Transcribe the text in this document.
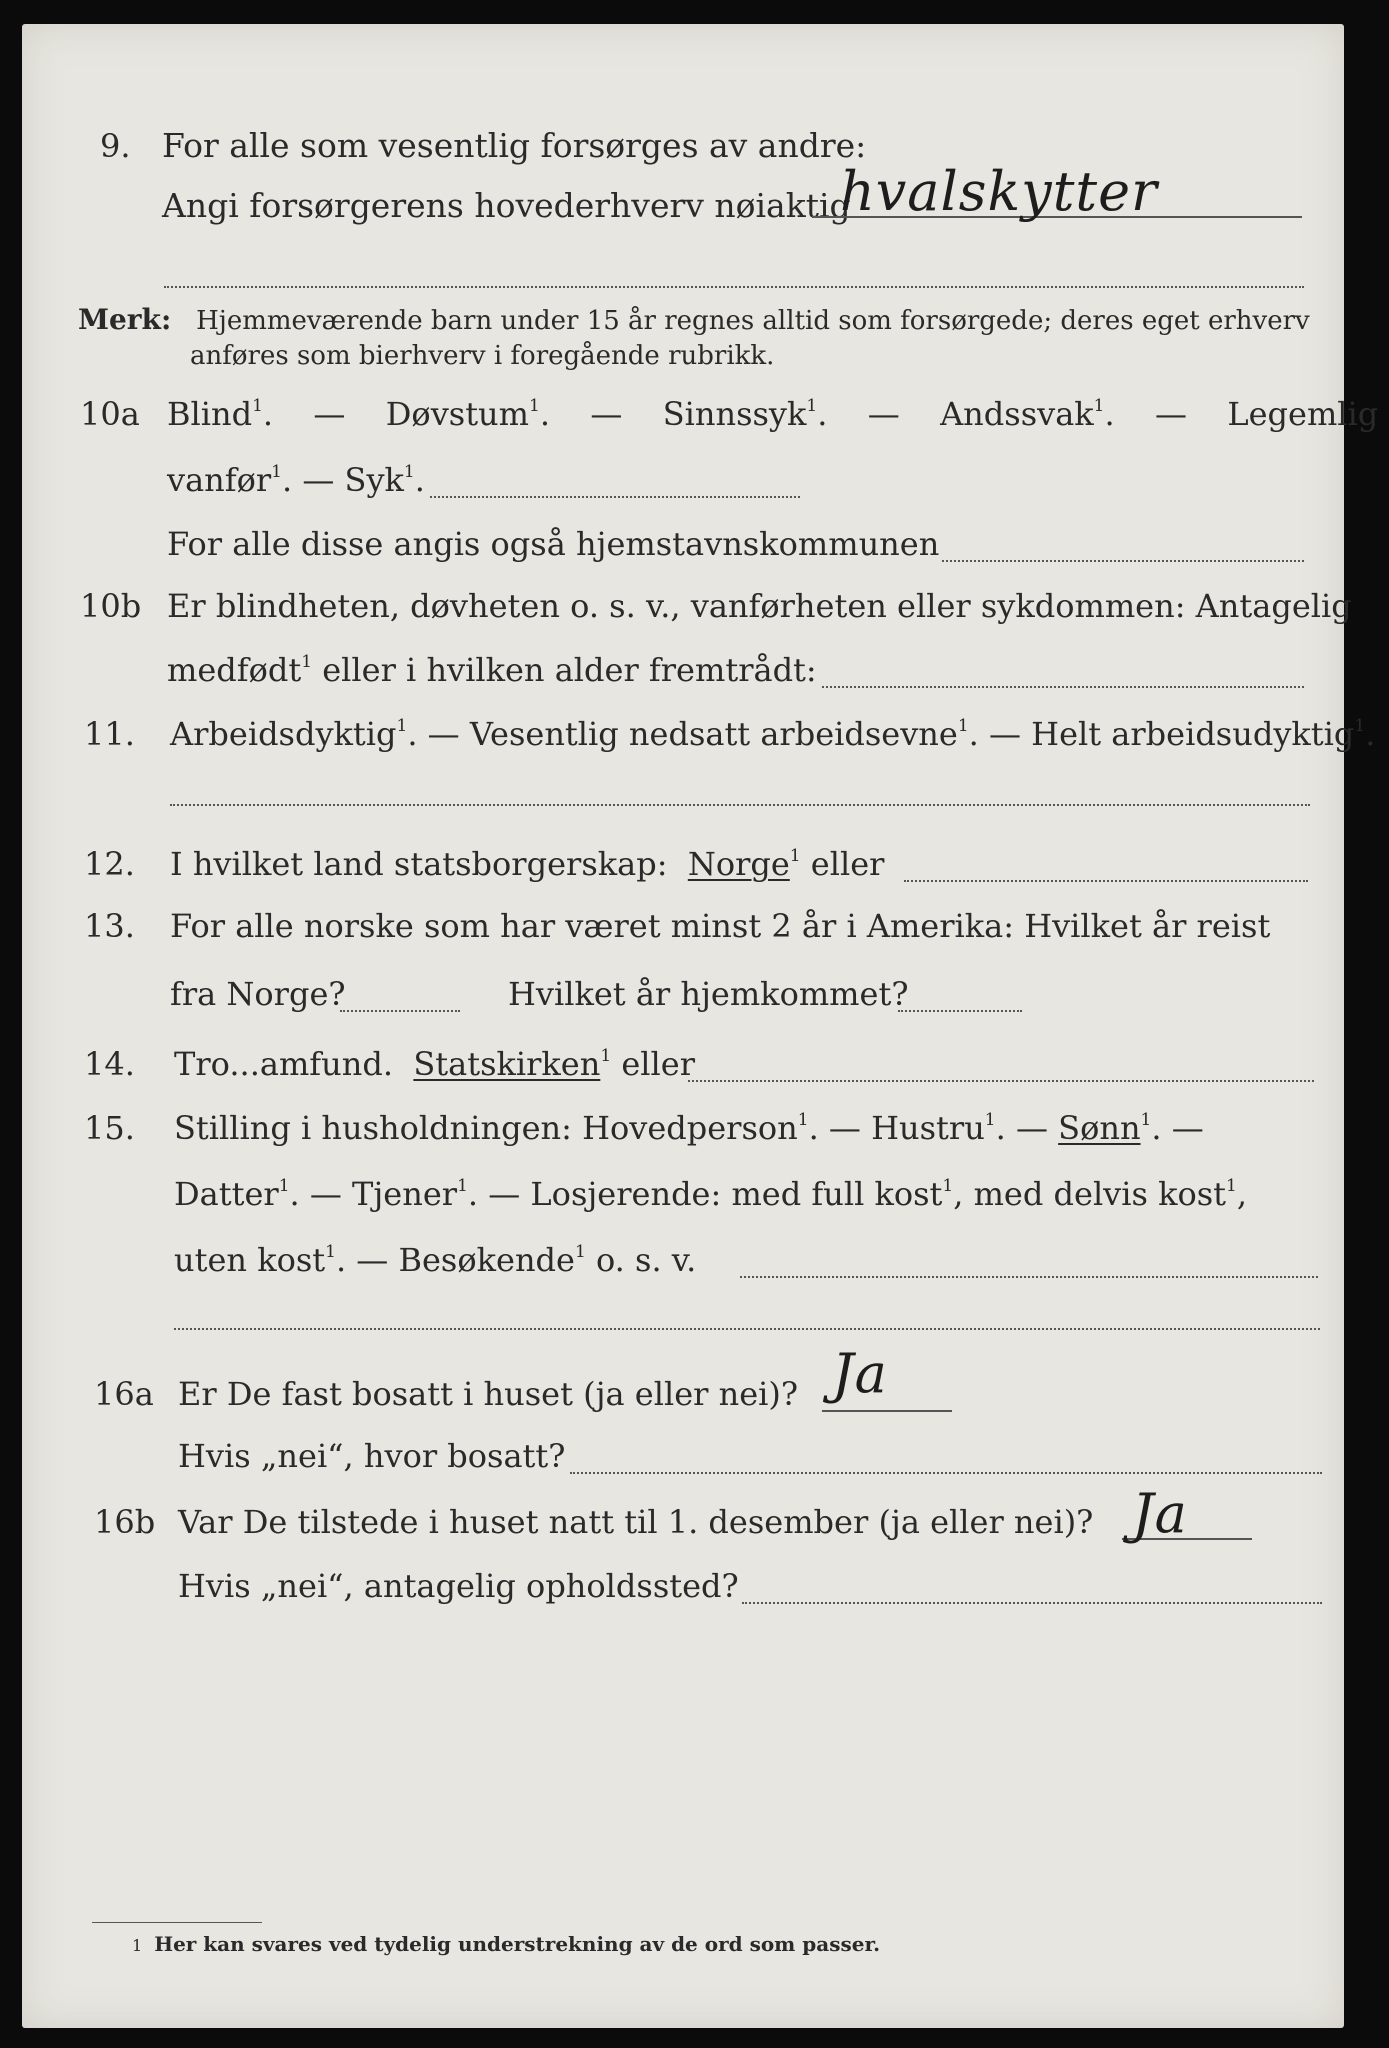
9. For alle som vesentlig forsørges av andre:
Angi forsørgerens hovederhverv nøiaktig
hvalskytter
Merk: Hjemmeværende barn under 15 år regnes alltid som forsørgede; deres eget erhverv
anføres som bierhverv i foregående rubrikk.
10a Blind$^1$. — Døvstum$^1$. — Sinnssyk$^1$. — Andssvak$^1$. — Legemlig
vanfør$^1$. — Syk$^1$.
For alle disse angis også hjemstavnskommunen
10b Er blindheten, døvheten o. s. v., vanførheten eller sykdommen: Antagelig
medfødt$^1$ eller i hvilken alder fremtrådt:
11. Arbeidsdyktig$^1$. — Vesentlig nedsatt arbeidsevne$^1$. — Helt arbeidsudyktig$^1$.
12. I hvilket land statsborgerskap: Norge$^1$ eller
13. For alle norske som har været minst 2 år i Amerika: Hvilket år reist
fra Norge?	Hvilket år hjemkommet?
14. Tro...amfund. Statskirken$^1$ eller
15. Stilling i husholdningen: Hovedperson$^1$. — Hustru$^1$. — Sønn$^1$. —
Datter$^1$. — Tjener$^1$. — Losjerende: med full kost$^1$, med delvis kost$^1$,
uten kost$^1$. — Besøkende$^1$ o. s. v.
16a Er De fast bosatt i huset (ja eller nei)? Ja
Hvis „nei“, hvor bosatt?
16b Var De tilstede i huset natt til 1. desember (ja eller nei)? Ja
Hvis „nei“, antagelig opholdssted?
1 Her kan svares ved tydelig understrekning av de ord som passer.
